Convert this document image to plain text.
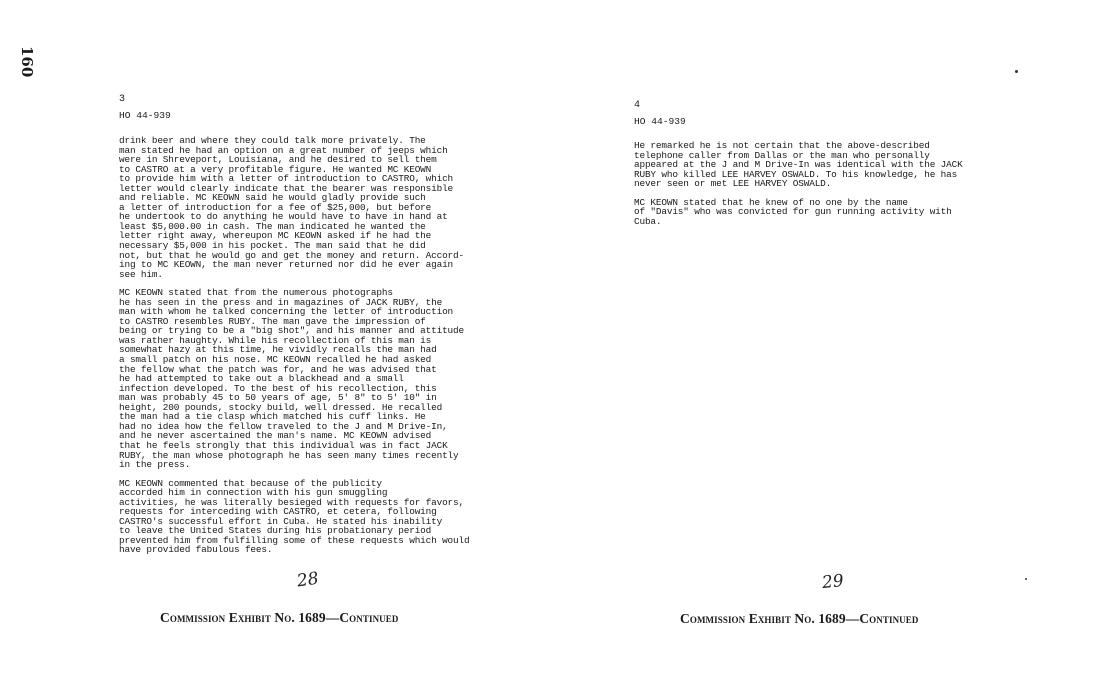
160

3

HO 44-939

drink beer and where they could talk more privately. The
man stated he had an option on a great number of jeeps which
were in Shreveport, Louisiana, and he desired to sell them
to CASTRO at a very profitable figure. He wanted MC KEOWN
to provide him with a letter of introduction to CASTRO, which
letter would clearly indicate that the bearer was responsible
and reliable. MC KEOWN said he would gladly provide such
a letter of introduction for a fee of $25,000, but before
he undertook to do anything he would have to have in hand at
least $5,000.00 in cash. The man indicated he wanted the
letter right away, whereupon MC KEOWN asked if he had the
necessary $5,000 in his pocket. The man said that he did
not, but that he would go and get the money and return. Accord-
ing to MC KEOWN, the man never returned nor did he ever again
see him.

MC KEOWN stated that from the numerous photographs
he has seen in the press and in magazines of JACK RUBY, the
man with whom he talked concerning the letter of introduction
to CASTRO resembles RUBY. The man gave the impression of
being or trying to be a "big shot", and his manner and attitude
was rather haughty. While his recollection of this man is
somewhat hazy at this time, he vividly recalls the man had
a small patch on his nose. MC KEOWN recalled he had asked
the fellow what the patch was for, and he was advised that
he had attempted to take out a blackhead and a small
infection developed. To the best of his recollection, this
man was probably 45 to 50 years of age, 5' 8" to 5' 10" in
height, 200 pounds, stocky build, well dressed. He recalled
the man had a tie clasp which matched his cuff links. He
had no idea how the fellow traveled to the J and M Drive-In,
and he never ascertained the man's name. MC KEOWN advised
that he feels strongly that this individual was in fact JACK
RUBY, the man whose photograph he has seen many times recently
in the press.

MC KEOWN commented that because of the publicity
accorded him in connection with his gun smuggling
activities, he was literally besieged with requests for favors,
requests for interceding with CASTRO, et cetera, following
CASTRO's successful effort in Cuba. He stated his inability
to leave the United States during his probationary period
prevented him from fulfilling some of these requests which would
have provided fabulous fees.

4

HO 44-939

He remarked he is not certain that the above-described
telephone caller from Dallas or the man who personally
appeared at the J and M Drive-In was identical with the JACK
RUBY who killed LEE HARVEY OSWALD. To his knowledge, he has
never seen or met LEE HARVEY OSWALD.

MC KEOWN stated that he knew of no one by the name
of "Davis" who was convicted for gun running activity with
Cuba.

28	29
Commission Exhibit No. 1689—Continued	Commission Exhibit No. 1689—Continued
